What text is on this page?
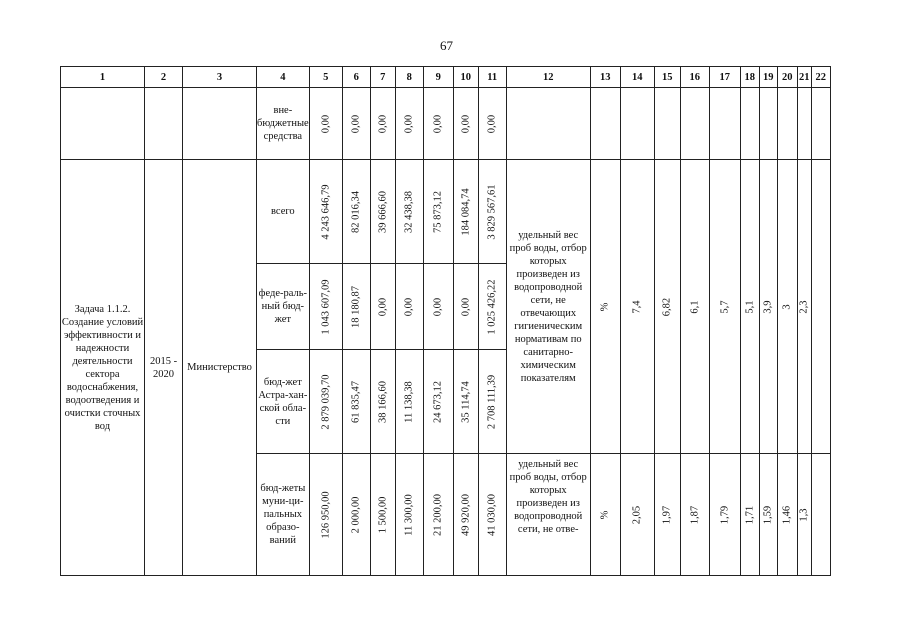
67
1	2	3	4	5	6	7	8	9	10	11	12	13	14	15	16	17	18	19	20	21	22
			вне-бюджетные средства	0,00	0,00	0,00	0,00	0,00	0,00	0,00											

Задача 1.1.2. Создание условий эффективности и надежности деятельности сектора водоснабжения, водоотведения и очистки сточных вод	2015 - 2020	Министерство	всего	4 243 646,79	82 016,34	39 666,60	32 438,38	75 873,12	184 084,74	3 829 567,61	удельный вес проб воды, отбор которых произведен из водопроводной сети, не отвечающих гигиеническим нормативам по санитарно-химическим показателям	%	7,4	6,82	6,1	5,7	5,1	3,9	3	2,3	

			феде-раль-ный бюд-жет	1 043 607,09	18 180,87	0,00	0,00	0,00	0,00	1 025 426,22											

			бюд-жет Астра-хан-ской обла-сти	2 879 039,70	61 835,47	38 166,60	11 138,38	24 673,12	35 114,74	2 708 111,39											

			бюд-жеты муни-ци-пальных образо-ваний	126 950,00	2 000,00	1 500,00	11 300,00	21 200,00	49 920,00	41 030,00	удельный вес проб воды, отбор которых произведен из водопроводной сети, не отве-	%	2,05	1,97	1,87	1,79	1,71	1,59	1,46	1,3	
